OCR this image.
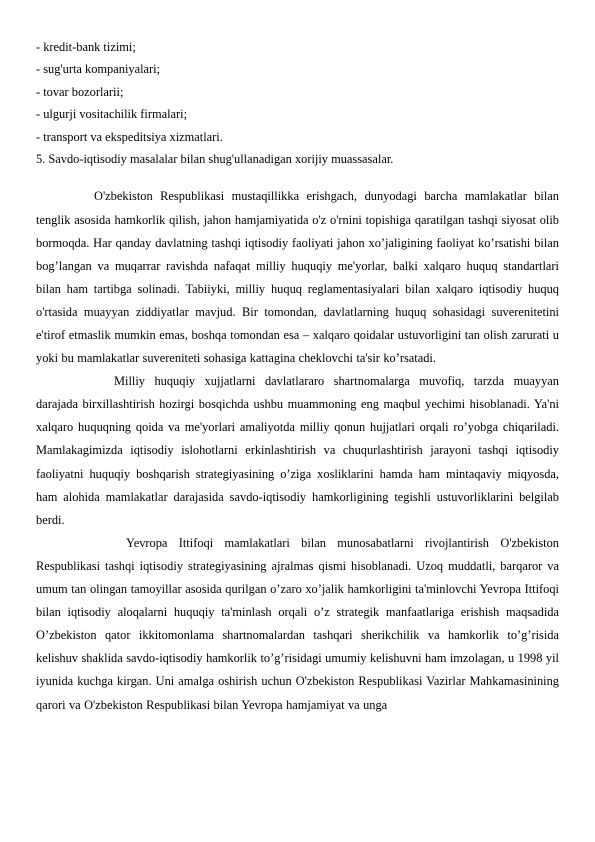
- kredit-bank tizimi;

- sug'urta kompaniyalari;

- tovar bozorlarii;

- ulgurji vositachilik firmalari;

- transport va ekspeditsiya xizmatlari.

5. Savdo-iqtisodiy masalalar bilan shug'ullanadigan xorijiy muassasalar.

O'zbekiston Respublikasi mustaqillikka erishgach, dunyodagi barcha mamlakatlar bilan tenglik asosida hamkorlik qilish, jahon hamjamiyatida o'z o'rnini topishiga qaratilgan tashqi siyosat olib bormoqda. Har qanday davlatning tashqi iqtisodiy faoliyati jahon xo’jaligining faoliyat ko’rsatishi bilan bog’langan va muqarrar ravishda nafaqat milliy huquqiy me'yorlar, balki xalqaro huquq standartlari bilan ham tartibga solinadi. Tabiiyki, milliy huquq reglamentasiyalari bilan xalqaro iqtisodiy huquq o'rtasida muayyan ziddiyatlar mavjud. Bir tomondan, davlatlarning huquq sohasidagi suverenitetini e'tirof etmaslik mumkin emas, boshqa tomondan esa – xalqaro qoidalar ustuvorligini tan olish zarurati u yoki bu mamlakatlar suvereniteti sohasiga kattagina cheklovchi ta'sir ko’rsatadi.

Milliy huquqiy xujjatlarni davlatlararo shartnomalarga muvofiq, tarzda muayyan darajada birxillashtirish hozirgi bosqichda ushbu muammoning eng maqbul yechimi hisoblanadi. Ya'ni xalqaro huquqning qoida va me'yorlari amaliyotda milliy qonun hujjatlari orqali ro’yobga chiqariladi. Mamlakagimizda iqtisodiy islohotlarni erkinlashtirish va chuqurlashtirish jarayoni tashqi iqtisodiy faoliyatni huquqiy boshqarish strategiyasining o’ziga xosliklarini hamda ham mintaqaviy miqyosda, ham alohida mamlakatlar darajasida savdo-iqtisodiy hamkorligining tegishli ustuvorliklarini belgilab berdi.

Yevropa Ittifoqi mamlakatlari bilan munosabatlarni rivojlantirish O'zbekiston Respublikasi tashqi iqtisodiy strategiyasining ajralmas qismi hisoblanadi. Uzoq muddatli, barqaror va umum tan olingan tamoyillar asosida qurilgan o’zaro xo’jalik hamkorligini ta'minlovchi Yevropa Ittifoqi bilan iqtisodiy aloqalarni huquqiy ta'minlash orqali o’z strategik manfaatlariga erishish maqsadida O’zbekiston qator ikkitomonlama shartnomalardan tashqari sherikchilik va hamkorlik to’g’risida kelishuv shaklida savdo-iqtisodiy hamkorlik to’g’risidagi umumiy kelishuvni ham imzolagan, u 1998 yil iyunida kuchga kirgan. Uni amalga oshirish uchun O'zbekiston Respublikasi Vazirlar Mahkamasinining qarori va O'zbekiston Respublikasi bilan Yevropa hamjamiyat va unga
